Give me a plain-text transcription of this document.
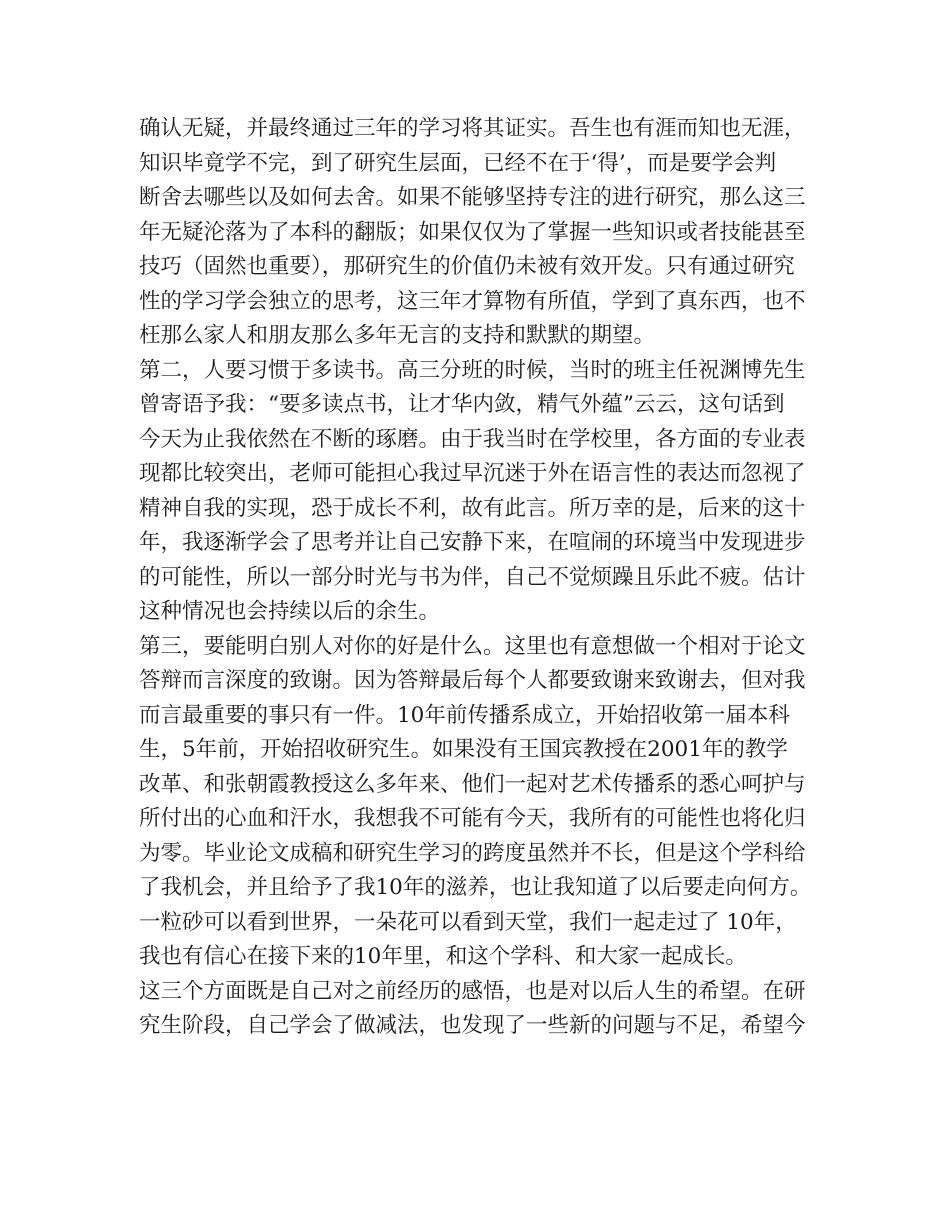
确认无疑，并最终通过三年的学习将其证实。吾生也有涯而知也无涯，
知识毕竟学不完，到了研究生层面，已经不在于‘得’，而是要学会判
断舍去哪些以及如何去舍。如果不能够坚持专注的进行研究，那么这三
年无疑沦落为了本科的翻版；如果仅仅为了掌握一些知识或者技能甚至
技巧（固然也重要），那研究生的价值仍未被有效开发。只有通过研究
性的学习学会独立的思考，这三年才算物有所值，学到了真东西，也不
枉那么家人和朋友那么多年无言的支持和默默的期望。
第二，人要习惯于多读书。高三分班的时候，当时的班主任祝渊博先生
曾寄语予我：“要多读点书，让才华内敛，精气外蕴”云云，这句话到
今天为止我依然在不断的琢磨。由于我当时在学校里，各方面的专业表
现都比较突出，老师可能担心我过早沉迷于外在语言性的表达而忽视了
精神自我的实现，恐于成长不利，故有此言。所万幸的是，后来的这十
年，我逐渐学会了思考并让自己安静下来，在喧闹的环境当中发现进步
的可能性，所以一部分时光与书为伴，自己不觉烦躁且乐此不疲。估计
这种情况也会持续以后的余生。
第三，要能明白别人对你的好是什么。这里也有意想做一个相对于论文
答辩而言深度的致谢。因为答辩最后每个人都要致谢来致谢去，但对我
而言最重要的事只有一件。10年前传播系成立，开始招收第一届本科
生，5年前，开始招收研究生。如果没有王国宾教授在2001年的教学
改革、和张朝霞教授这么多年来、他们一起对艺术传播系的悉心呵护与
所付出的心血和汗水，我想我不可能有今天，我所有的可能性也将化归
为零。毕业论文成稿和研究生学习的跨度虽然并不长，但是这个学科给
了我机会，并且给予了我10年的滋养，也让我知道了以后要走向何方。
一粒砂可以看到世界，一朵花可以看到天堂，我们一起走过了 10年，
我也有信心在接下来的10年里，和这个学科、和大家一起成长。
这三个方面既是自己对之前经历的感悟，也是对以后人生的希望。在研
究生阶段，自己学会了做减法，也发现了一些新的问题与不足，希望今
